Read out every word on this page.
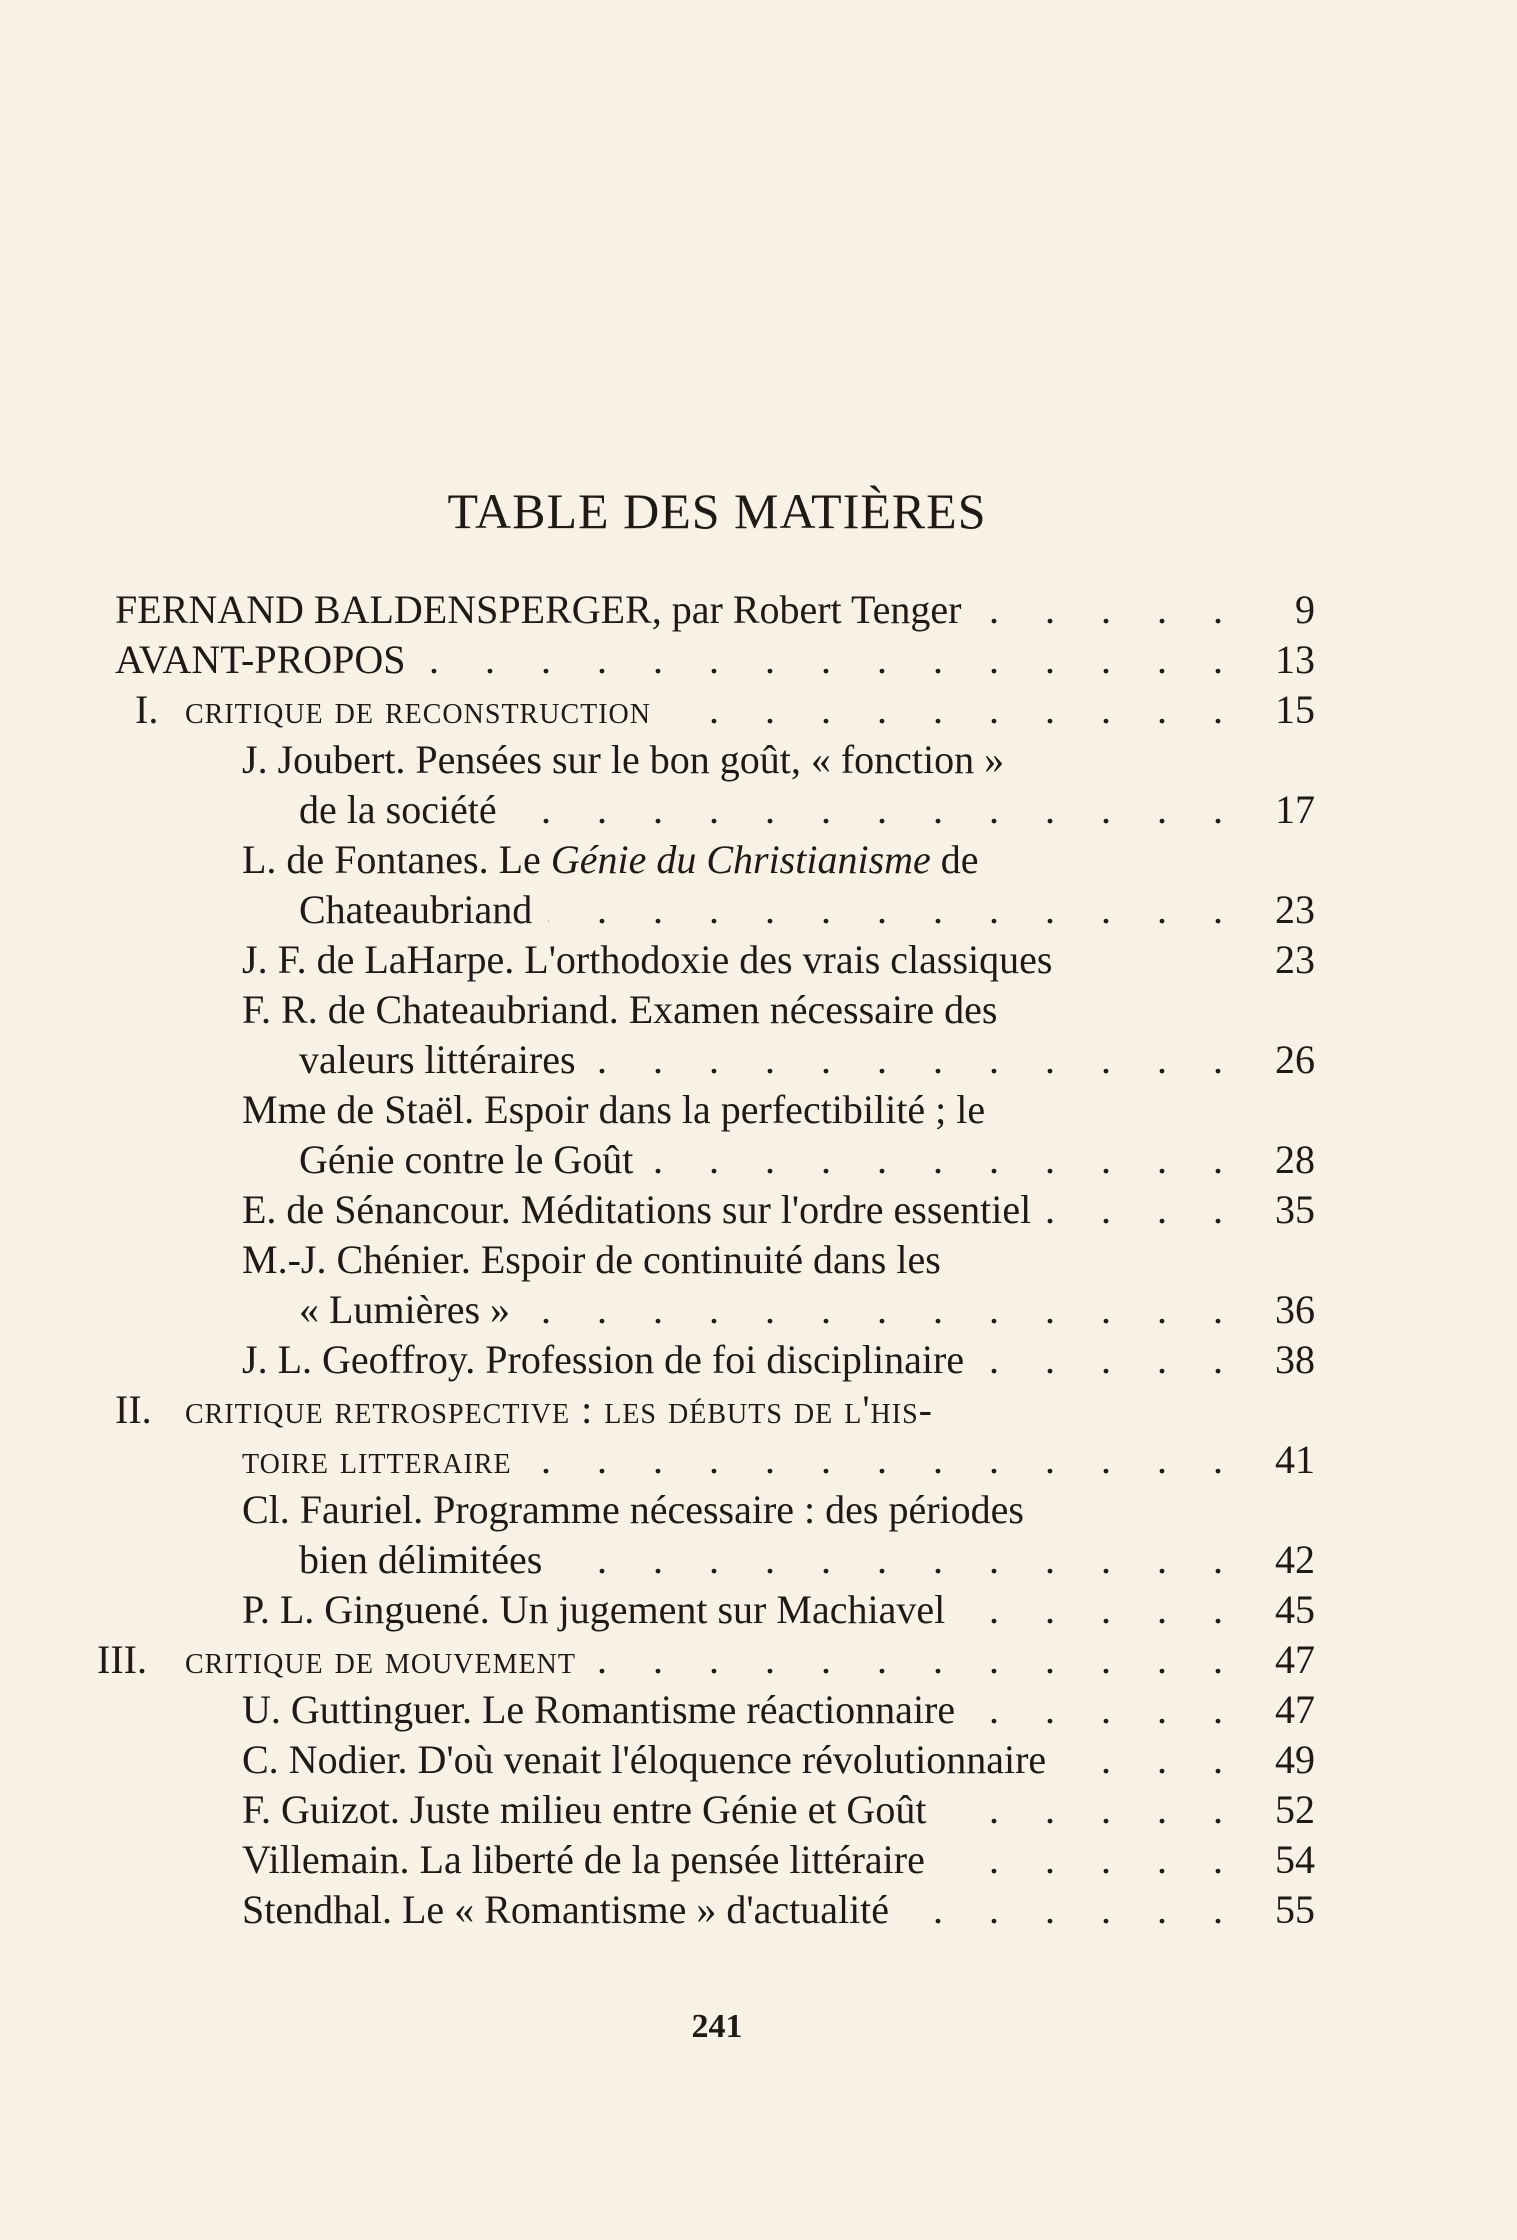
TABLE DES MATIÈRES
FERNAND BALDENSPERGER, par Robert Tenger . . .	9
AVANT-PROPOS . . .	13
I. critique de reconstruction . . .	15
J. Joubert. Pensées sur le bon goût, « fonction »
de la société . . .	17
L. de Fontanes. Le Génie du Christianisme de
Chateaubriand . . .	23
J. F. de LaHarpe. L'orthodoxie des vrais classiques	23
F. R. de Chateaubriand. Examen nécessaire des
valeurs littéraires . . .	26
Mme de Staël. Espoir dans la perfectibilité ; le
Génie contre le Goût . . .	28
E. de Sénancour. Méditations sur l'ordre essentiel . . .	35
M.-J. Chénier. Espoir de continuité dans les
« Lumières » . . .	36
J. L. Geoffroy. Profession de foi disciplinaire . . .	38
II. critique retrospective : les débuts de l'his-
toire litteraire . . .	41
Cl. Fauriel. Programme nécessaire : des périodes
bien délimitées . . .	42
P. L. Ginguené. Un jugement sur Machiavel . . .	45
III. critique de mouvement . . .	47
U. Guttinguer. Le Romantisme réactionnaire . . .	47
C. Nodier. D'où venait l'éloquence révolutionnaire . . .	49
F. Guizot. Juste milieu entre Génie et Goût . . .	52
Villemain. La liberté de la pensée littéraire . . .	54
Stendhal. Le « Romantisme » d'actualité . . .	55
241
